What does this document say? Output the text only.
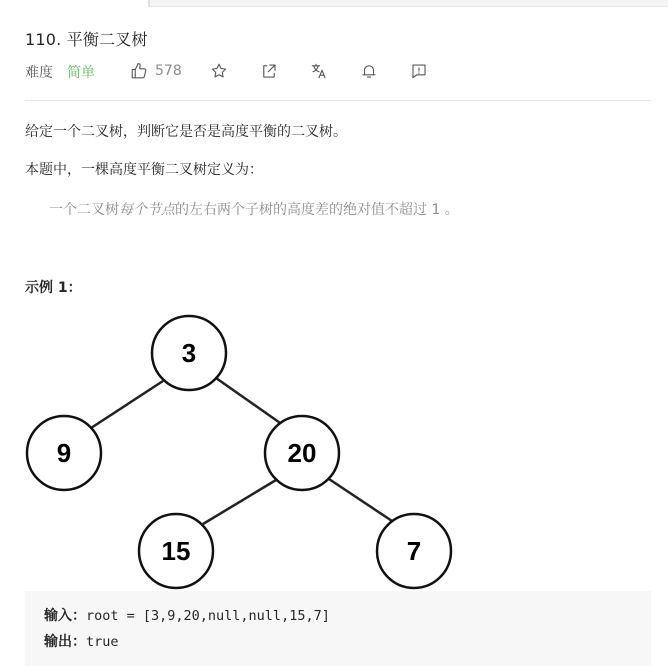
110. 平衡二叉树
难度 简单	578
给定一个二叉树，判断它是否是高度平衡的二叉树。
本题中，一棵高度平衡二叉树定义为：
一个二叉树每个节点的左右两个子树的高度差的绝对值不超过 1 。
示例 1：
3
9	20
15	7
输入：root = [3,9,20,null,null,15,7]
输出：true
